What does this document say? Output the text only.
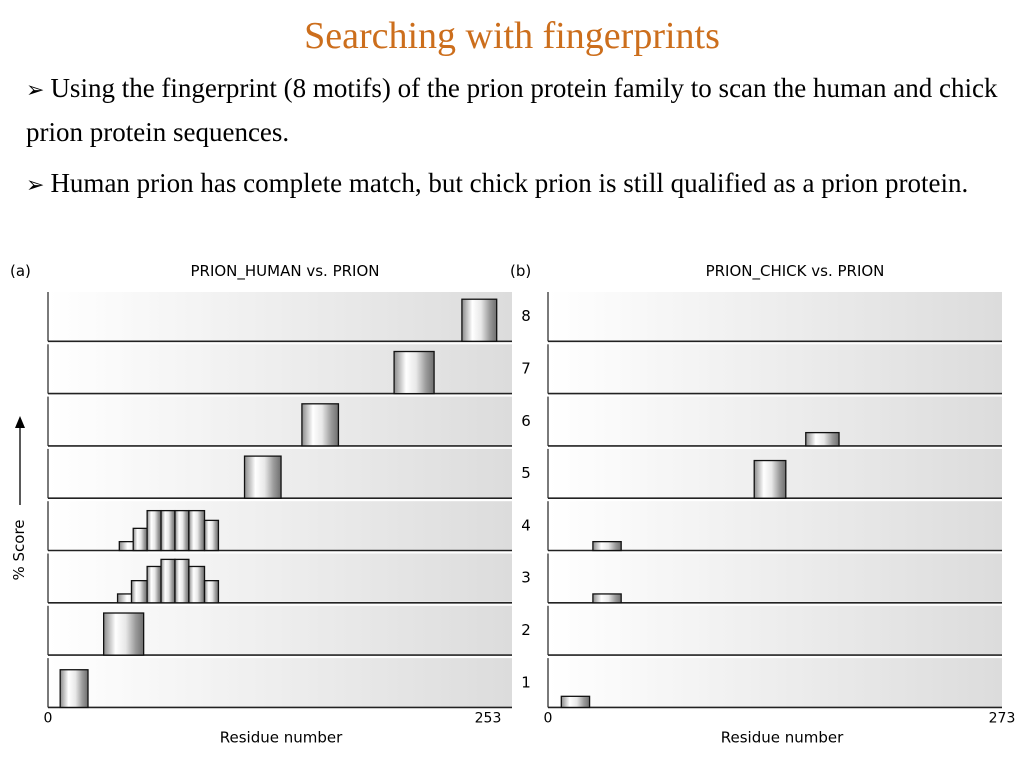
Searching with fingerprints
➢ Using the fingerprint (8 motifs) of the prion protein family to scan the human and chick prion protein sequences.
➢ Human prion has complete match, but chick prion is still qualified as a prion protein.
(a)	PRION_HUMAN vs. PRION
0	253
Residue number
(b)	PRION_CHICK vs. PRION
0	273
Residue number
8
7
6
5
4
3
2
1
% Score
